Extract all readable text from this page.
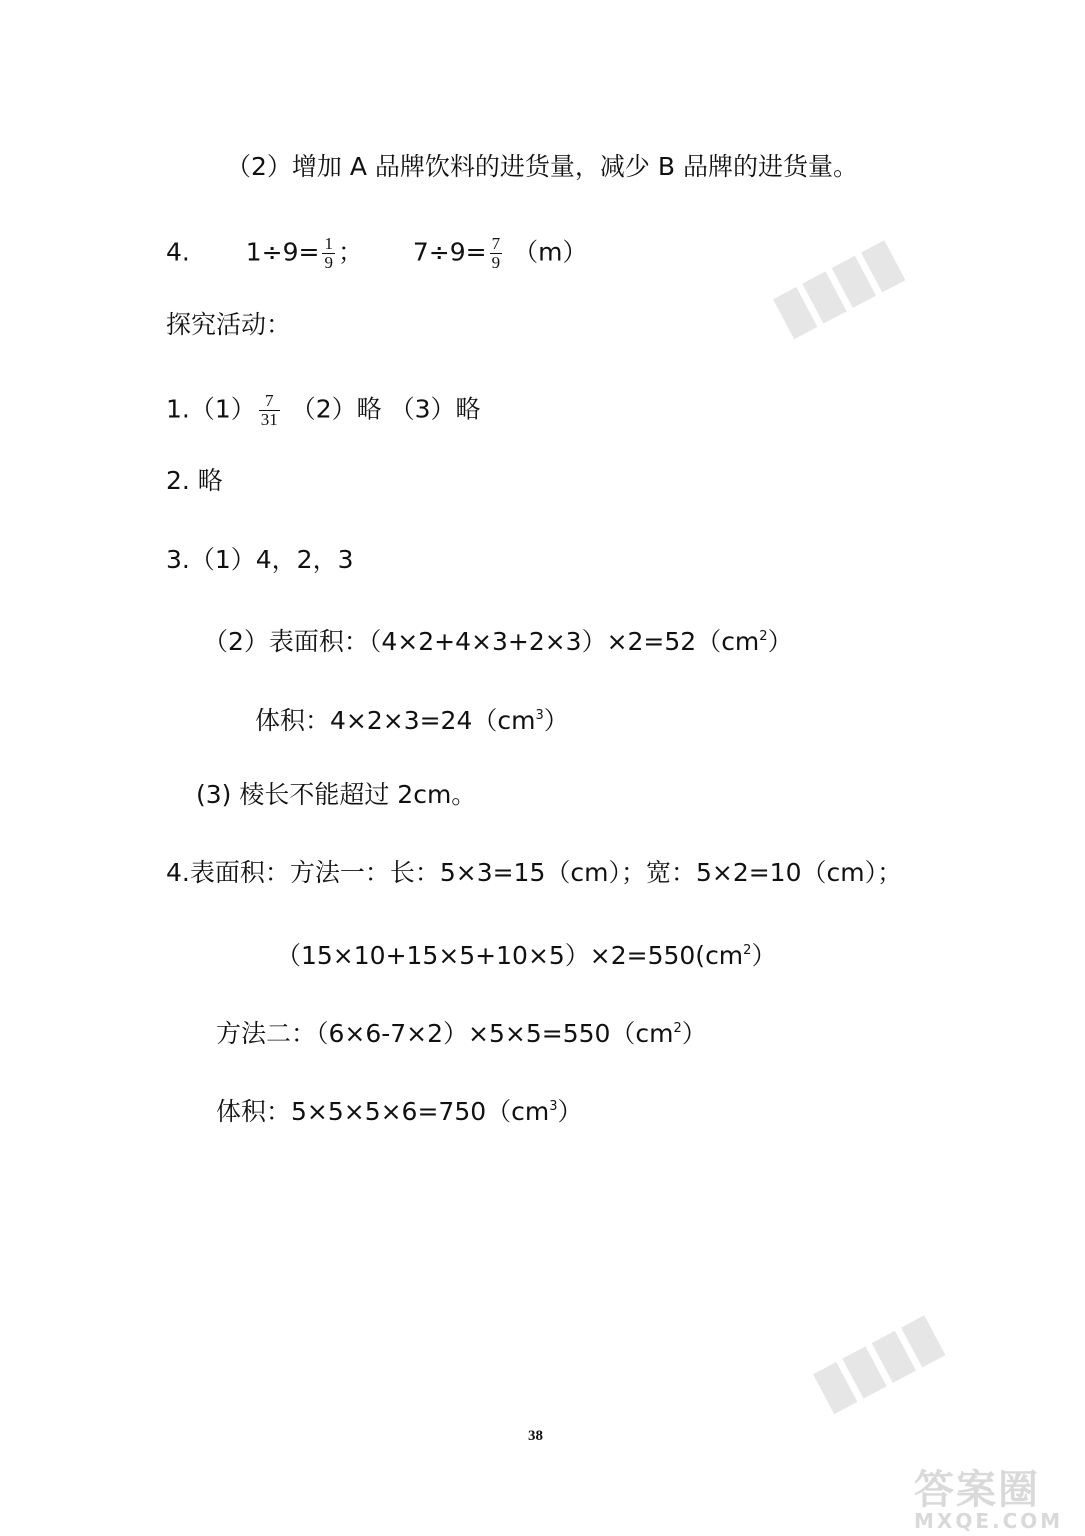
▉▉▉▉
▉▉▉▉
（2）增加 A 品牌饮料的进货量，减少 B 品牌的进货量。
4. $1\div 9= \frac{1}{9}$ ； $7\div 9= \frac{7}{9} (m)$
探究活动：
$1.(1) \frac{7}{31} (2)$略 （3）略
2. 略
3.（1）4，2，3
（2）表面积：$(4\times 2+4\times 3+2\times 3)\times 2=52(cm^2)$
体积：$4\times 2\times 3=24(cm^3)$
(3) 棱长不能超过 2cm。
4.表面积：方法一：长：5×3=15（cm）；宽：5×2=10（cm）；
$(15\times 10+15\times 5+10\times 5)\times 2=550(cm^2)$
方法二：$(6\times 6-7\times 2)\times 5\times 5=550(cm^2)$
体积：$5\times 5\times 5\times 6=750(cm^3)$
38
答案圈
MXQE.COM
